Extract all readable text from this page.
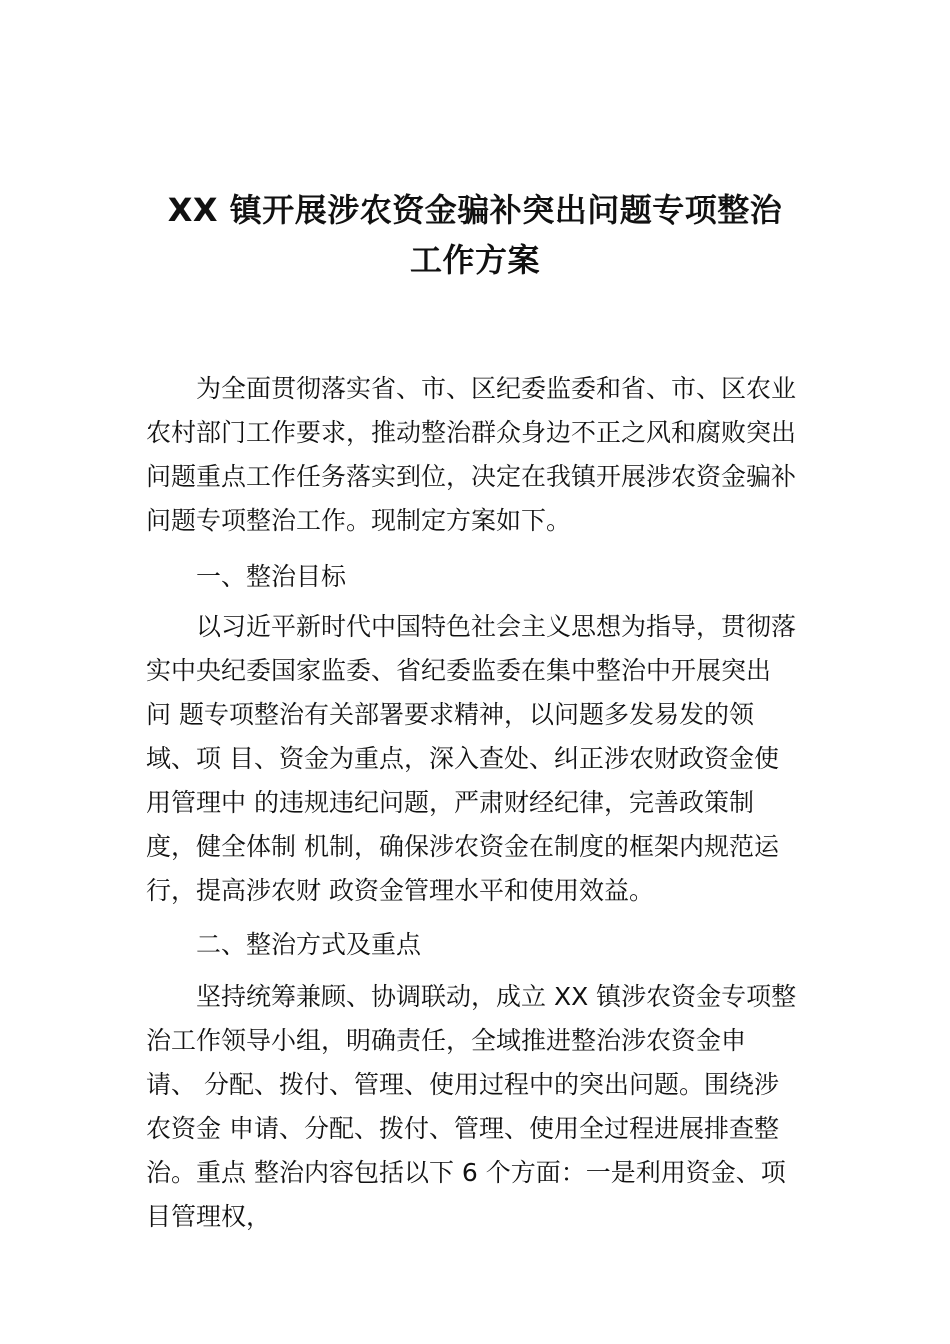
XX 镇开展涉农资金骗补突出问题专项整治
工作方案
为全面贯彻落实省、市、区纪委监委和省、市、区农业
农村部门工作要求，推动整治群众身边不正之风和腐败突出
问题重点工作任务落实到位，决定在我镇开展涉农资金骗补
问题专项整治工作。现制定方案如下。
一、整治目标
以习近平新时代中国特色社会主义思想为指导，贯彻落
实中央纪委国家监委、省纪委监委在集中整治中开展突出
问 题专项整治有关部署要求精神，以问题多发易发的领
域、项 目、资金为重点，深入查处、纠正涉农财政资金使
用管理中 的违规违纪问题，严肃财经纪律，完善政策制
度，健全体制 机制，确保涉农资金在制度的框架内规范运
行，提高涉农财 政资金管理水平和使用效益。
二、整治方式及重点
坚持统筹兼顾、协调联动，成立 XX 镇涉农资金专项整
治工作领导小组，明确责任，全域推进整治涉农资金申
请、 分配、拨付、管理、使用过程中的突出问题。围绕涉
农资金 申请、分配、拨付、管理、使用全过程进展排查整
治。重点 整治内容包括以下 6 个方面：一是利用资金、项
目管理权，
